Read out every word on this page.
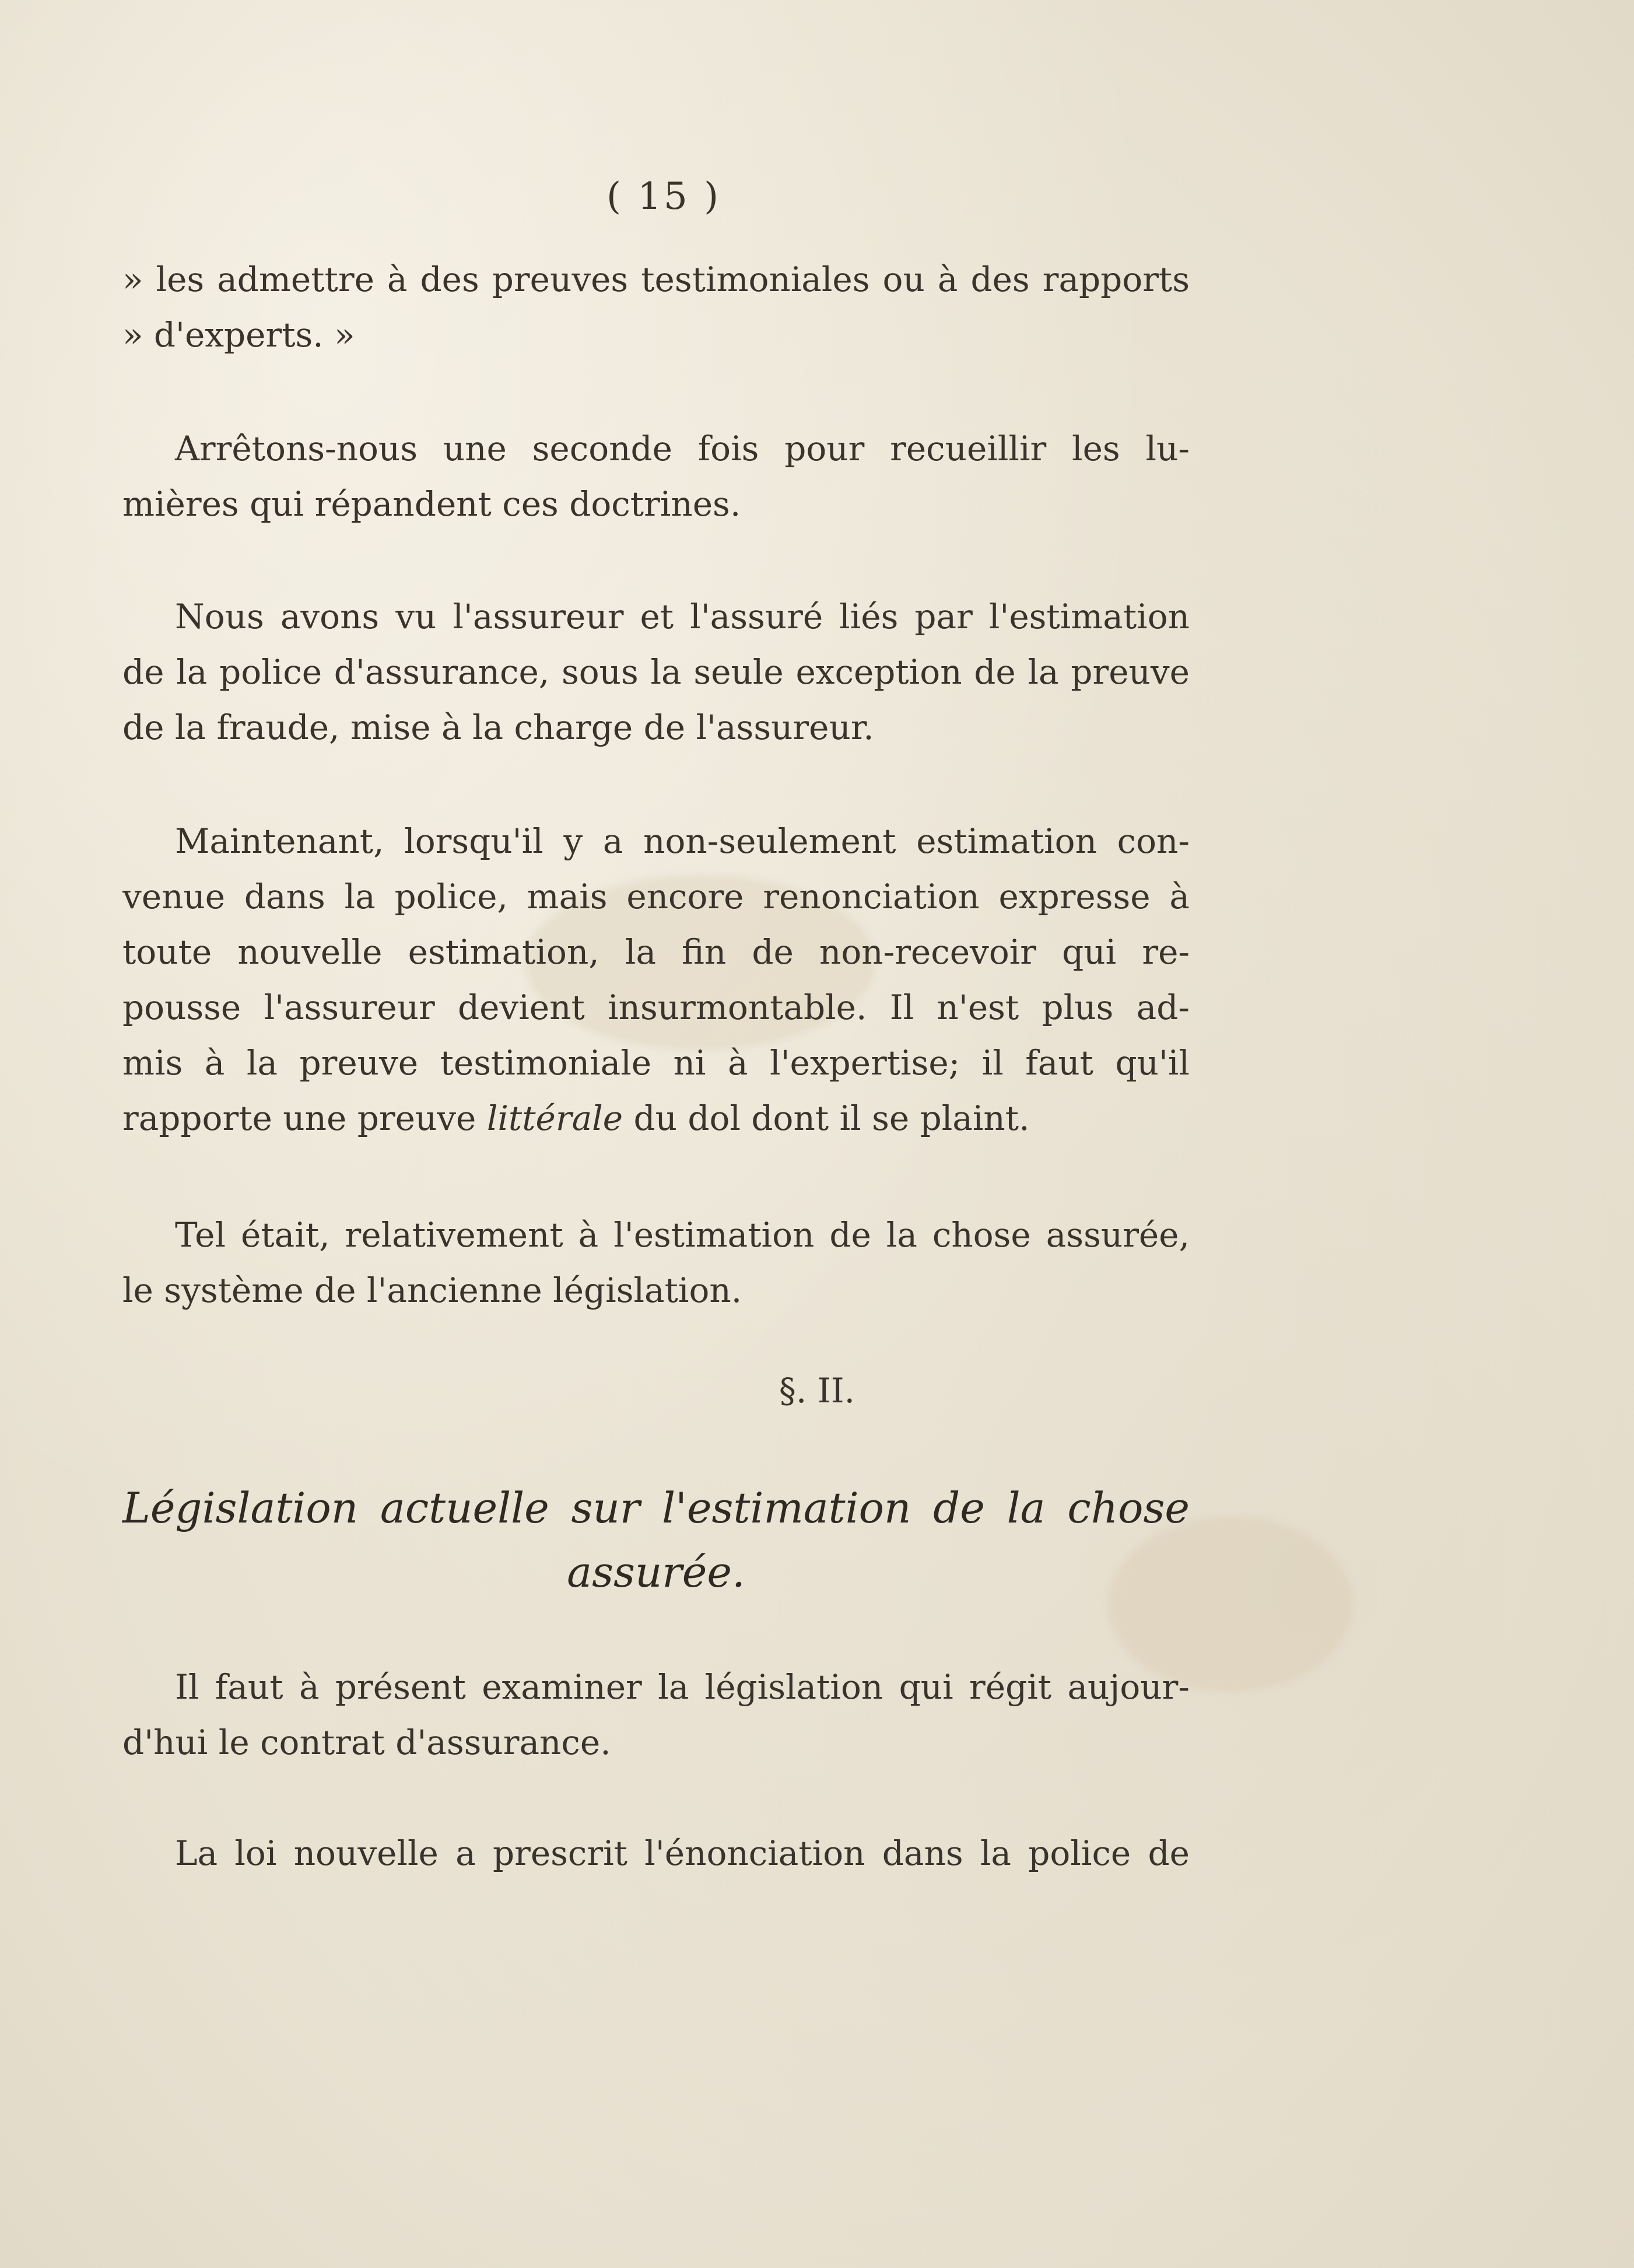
( 15 )
» les admettre à des preuves testimoniales ou à des rapports
» d'experts. »
Arrêtons-nous une seconde fois pour recueillir les lu-
mières qui répandent ces doctrines.
Nous avons vu l'assureur et l'assuré liés par l'estimation
de la police d'assurance, sous la seule exception de la preuve
de la fraude, mise à la charge de l'assureur.
Maintenant, lorsqu'il y a non-seulement estimation con-
venue dans la police, mais encore renonciation expresse à
toute nouvelle estimation, la fin de non-recevoir qui re-
pousse l'assureur devient insurmontable. Il n'est plus ad-
mis à la preuve testimoniale ni à l'expertise; il faut qu'il
rapporte une preuve littérale du dol dont il se plaint.
Tel était, relativement à l'estimation de la chose assurée,
le système de l'ancienne législation.
§. II.
Législation actuelle sur l'estimation de la chose
assurée.
Il faut à présent examiner la législation qui régit aujour-
d'hui le contrat d'assurance.
La loi nouvelle a prescrit l'énonciation dans la police de
